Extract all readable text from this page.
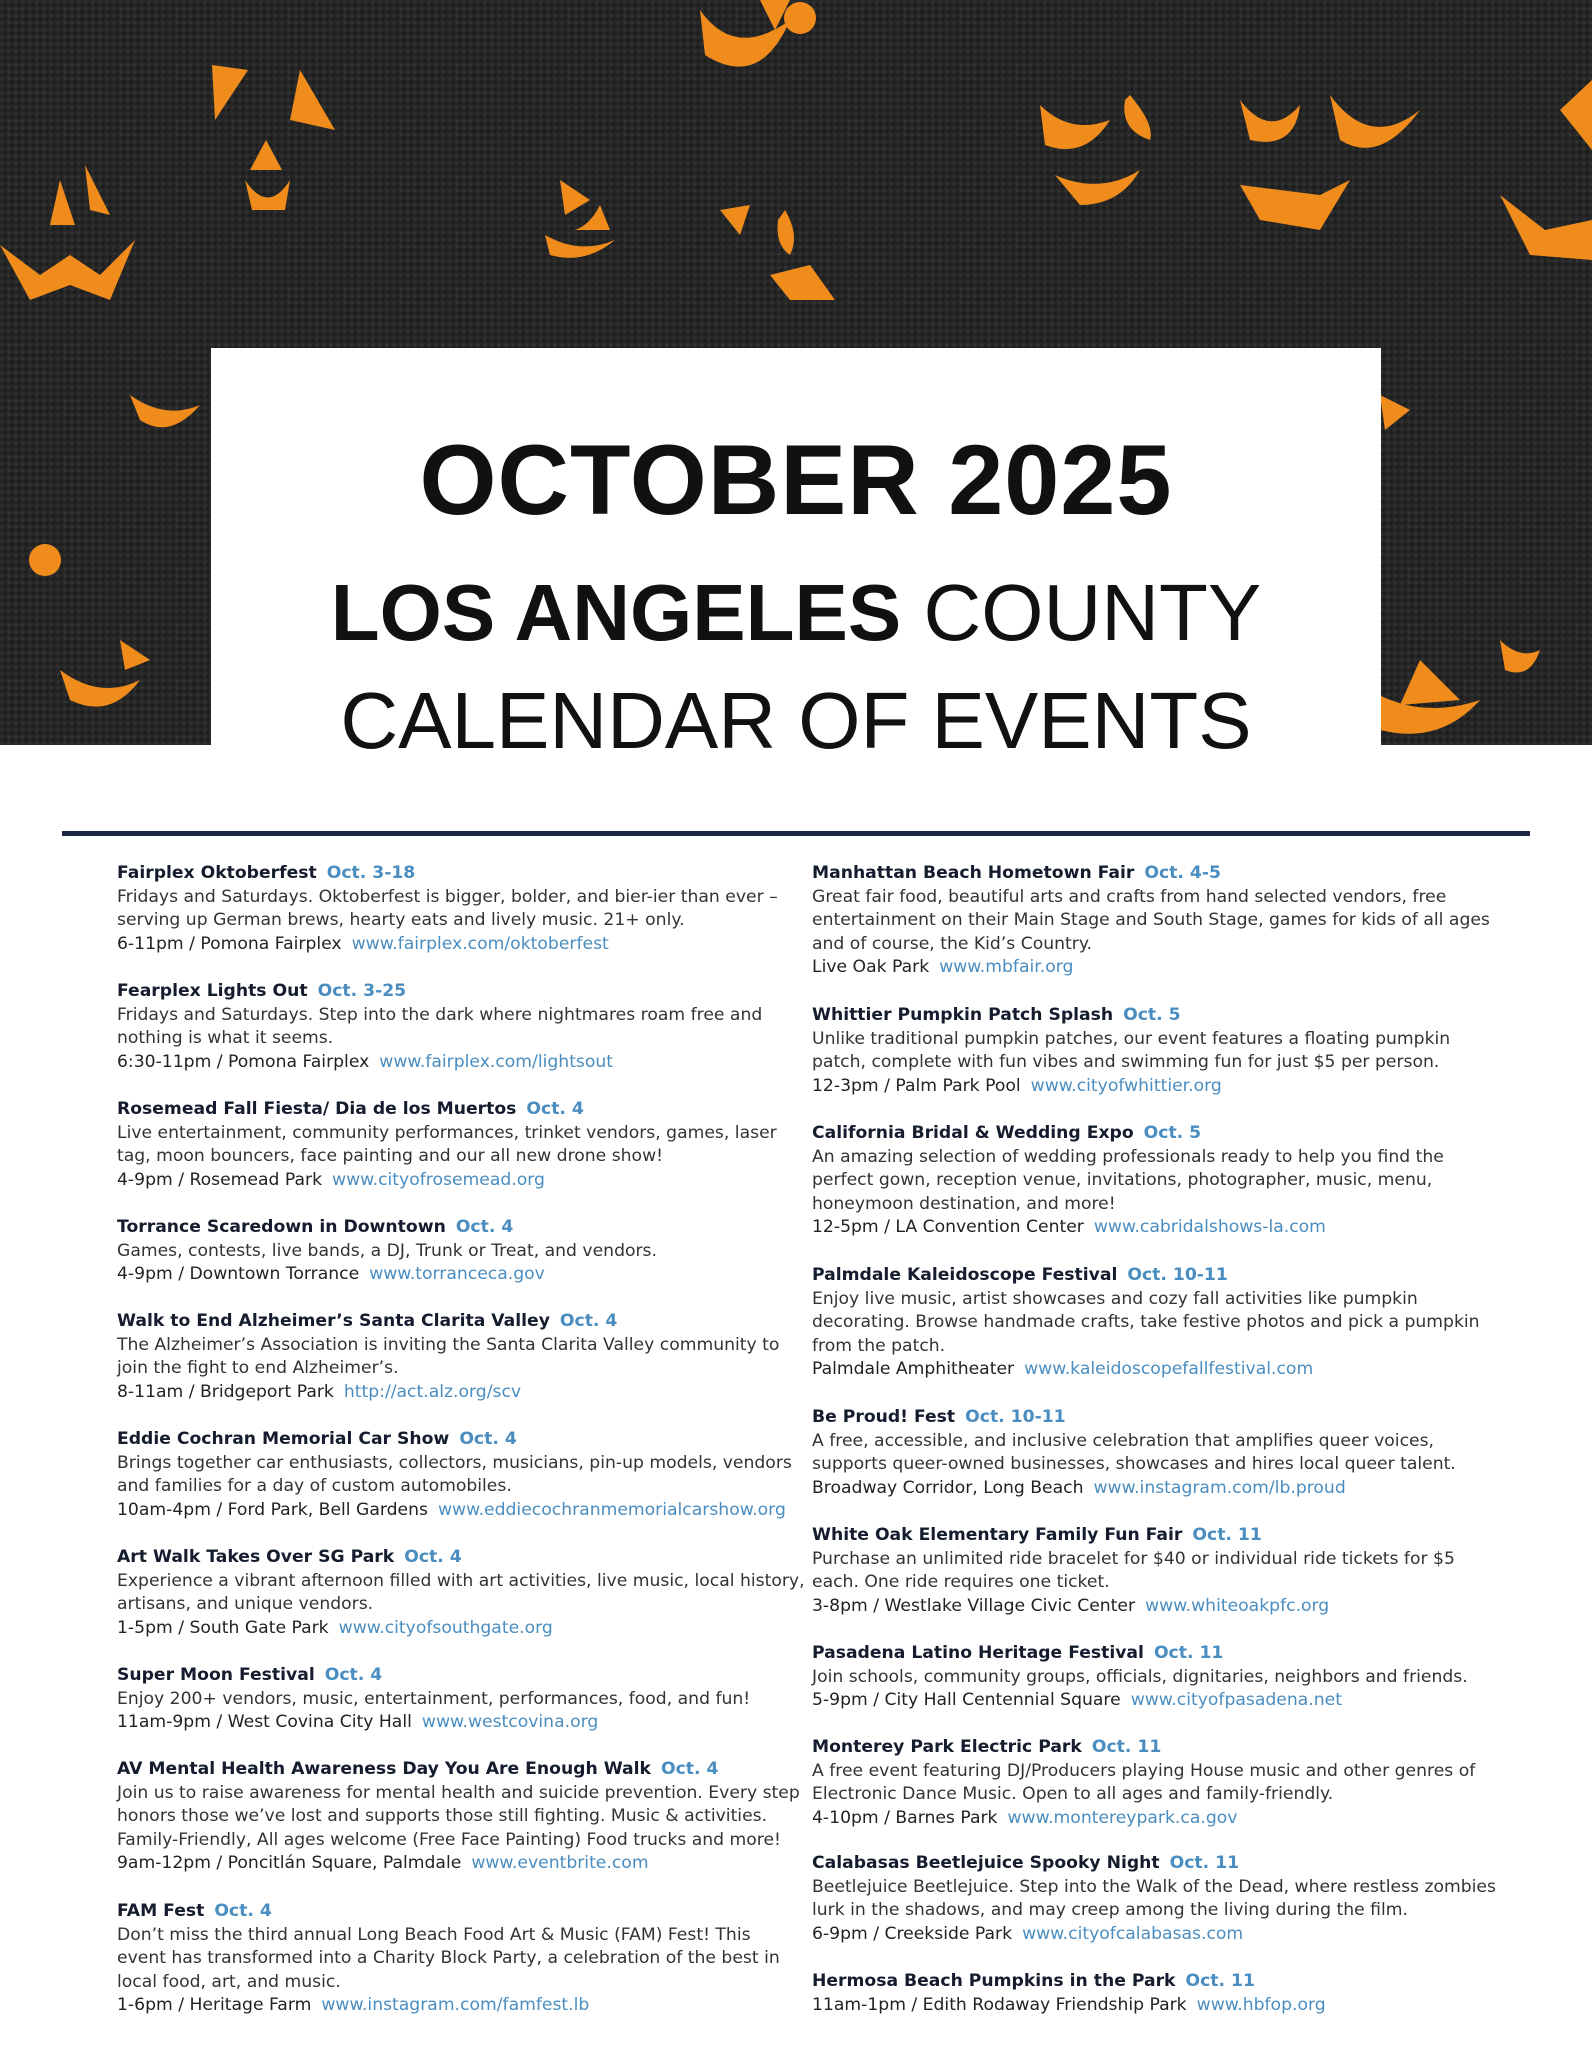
OCTOBER 2025
LOS ANGELES COUNTY
CALENDAR OF EVENTS
Fairplex Oktoberfest Oct. 3-18
Fridays and Saturdays. Oktoberfest is bigger, bolder, and bier-ier than ever –
serving up German brews, hearty eats and lively music. 21+ only.
6-11pm / Pomona Fairplex www.fairplex.com/oktoberfest
Fearplex Lights Out Oct. 3-25
Fridays and Saturdays. Step into the dark where nightmares roam free and
nothing is what it seems.
6:30-11pm / Pomona Fairplex www.fairplex.com/lightsout
Rosemead Fall Fiesta/ Dia de los Muertos Oct. 4
Live entertainment, community performances, trinket vendors, games, laser
tag, moon bouncers, face painting and our all new drone show!
4-9pm / Rosemead Park www.cityofrosemead.org
Torrance Scaredown in Downtown Oct. 4
Games, contests, live bands, a DJ, Trunk or Treat, and vendors.
4-9pm / Downtown Torrance www.torranceca.gov
Walk to End Alzheimer’s Santa Clarita Valley Oct. 4
The Alzheimer’s Association is inviting the Santa Clarita Valley community to
join the fight to end Alzheimer’s.
8-11am / Bridgeport Park http://act.alz.org/scv
Eddie Cochran Memorial Car Show Oct. 4
Brings together car enthusiasts, collectors, musicians, pin-up models, vendors
and families for a day of custom automobiles.
10am-4pm / Ford Park, Bell Gardens www.eddiecochranmemorialcarshow.org
Art Walk Takes Over SG Park Oct. 4
Experience a vibrant afternoon filled with art activities, live music, local history,
artisans, and unique vendors.
1-5pm / South Gate Park www.cityofsouthgate.org
Super Moon Festival Oct. 4
Enjoy 200+ vendors, music, entertainment, performances, food, and fun!
11am-9pm / West Covina City Hall www.westcovina.org
AV Mental Health Awareness Day You Are Enough Walk Oct. 4
Join us to raise awareness for mental health and suicide prevention. Every step
honors those we’ve lost and supports those still fighting. Music & activities.
Family-Friendly, All ages welcome (Free Face Painting) Food trucks and more!
9am-12pm / Poncitlán Square, Palmdale www.eventbrite.com
FAM Fest Oct. 4
Don’t miss the third annual Long Beach Food Art & Music (FAM) Fest! This
event has transformed into a Charity Block Party, a celebration of the best in
local food, art, and music.
1-6pm / Heritage Farm www.instagram.com/famfest.lb
Manhattan Beach Hometown Fair Oct. 4-5
Great fair food, beautiful arts and crafts from hand selected vendors, free
entertainment on their Main Stage and South Stage, games for kids of all ages
and of course, the Kid’s Country.
Live Oak Park www.mbfair.org
Whittier Pumpkin Patch Splash Oct. 5
Unlike traditional pumpkin patches, our event features a floating pumpkin
patch, complete with fun vibes and swimming fun for just $5 per person.
12-3pm / Palm Park Pool www.cityofwhittier.org
California Bridal & Wedding Expo Oct. 5
An amazing selection of wedding professionals ready to help you find the
perfect gown, reception venue, invitations, photographer, music, menu,
honeymoon destination, and more!
12-5pm / LA Convention Center www.cabridalshows-la.com
Palmdale Kaleidoscope Festival Oct. 10-11
Enjoy live music, artist showcases and cozy fall activities like pumpkin
decorating. Browse handmade crafts, take festive photos and pick a pumpkin
from the patch.
Palmdale Amphitheater www.kaleidoscopefallfestival.com
Be Proud! Fest Oct. 10-11
A free, accessible, and inclusive celebration that amplifies queer voices,
supports queer-owned businesses, showcases and hires local queer talent.
Broadway Corridor, Long Beach www.instagram.com/lb.proud
White Oak Elementary Family Fun Fair Oct. 11
Purchase an unlimited ride bracelet for $40 or individual ride tickets for $5
each. One ride requires one ticket.
3-8pm / Westlake Village Civic Center www.whiteoakpfc.org
Pasadena Latino Heritage Festival Oct. 11
Join schools, community groups, officials, dignitaries, neighbors and friends.
5-9pm / City Hall Centennial Square www.cityofpasadena.net
Monterey Park Electric Park Oct. 11
A free event featuring DJ/Producers playing House music and other genres of
Electronic Dance Music. Open to all ages and family-friendly.
4-10pm / Barnes Park www.montereypark.ca.gov
Calabasas Beetlejuice Spooky Night Oct. 11
Beetlejuice Beetlejuice. Step into the Walk of the Dead, where restless zombies
lurk in the shadows, and may creep among the living during the film.
6-9pm / Creekside Park www.cityofcalabasas.com
Hermosa Beach Pumpkins in the Park Oct. 11
11am-1pm / Edith Rodaway Friendship Park www.hbfop.org
